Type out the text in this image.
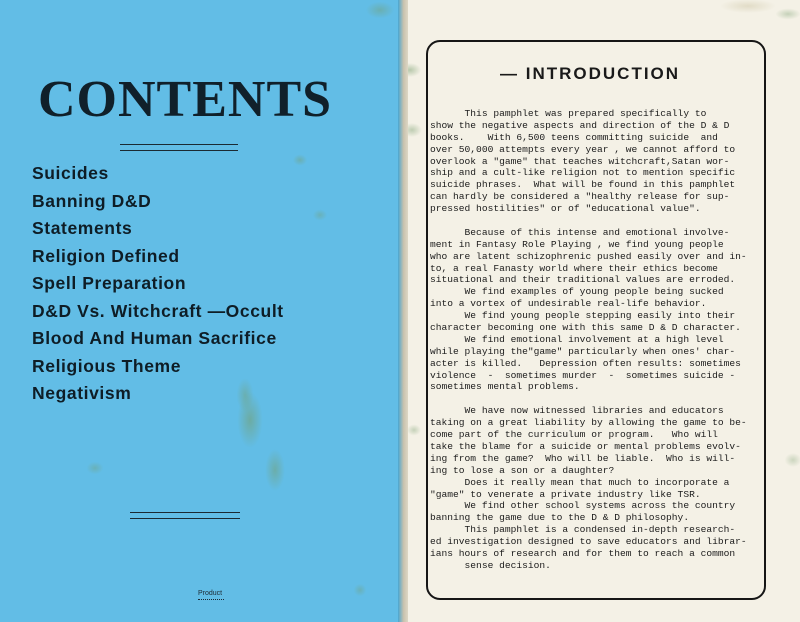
CONTENTS
Suicides
Banning D&D
Statements
Religion Defined
Spell Preparation
D&D Vs. Witchcraft —Occult
Blood And Human Sacrifice
Religious Theme
Negativism
Product
— INTRODUCTION
This pamphlet was prepared specifically to
show the negative aspects and direction of the D & D
books.    With 6,500 teens committing suicide  and
over 50,000 attempts every year , we cannot afford to
overlook a "game" that teaches witchcraft,Satan wor-
ship and a cult-like religion not to mention specific
suicide phrases.  What will be found in this pamphlet
can hardly be considered a "healthy release for sup-
pressed hostilities" or of "educational value".
Because of this intense and emotional involve-
ment in Fantasy Role Playing , we find young people
who are latent schizophrenic pushed easily over and in-
to, a real Fanasty world where their ethics become
situational and their traditional values are erroded.
We find examples of young people being sucked
into a vortex of undesirable real-life behavior.
We find young people stepping easily into their
character becoming one with this same D & D character.
We find emotional involvement at a high level
while playing the"game" particularly when ones' char-
acter is killed.   Depression often results: sometimes
violence  -  sometimes murder  -  sometimes suicide -
sometimes mental problems.
We have now witnessed libraries and educators
taking on a great liability by allowing the game to be-
come part of the curriculum or program.   Who will
take the blame for a suicide or mental problems evolv-
ing from the game?  Who will be liable.  Who is will-
ing to lose a son or a daughter?
Does it really mean that much to incorporate a
"game" to venerate a private industry like TSR.
We find other school systems across the country
banning the game due to the D & D philosophy.
This pamphlet is a condensed in-depth research-
ed investigation designed to save educators and librar-
ians hours of research and for them to reach a common
sense decision.
